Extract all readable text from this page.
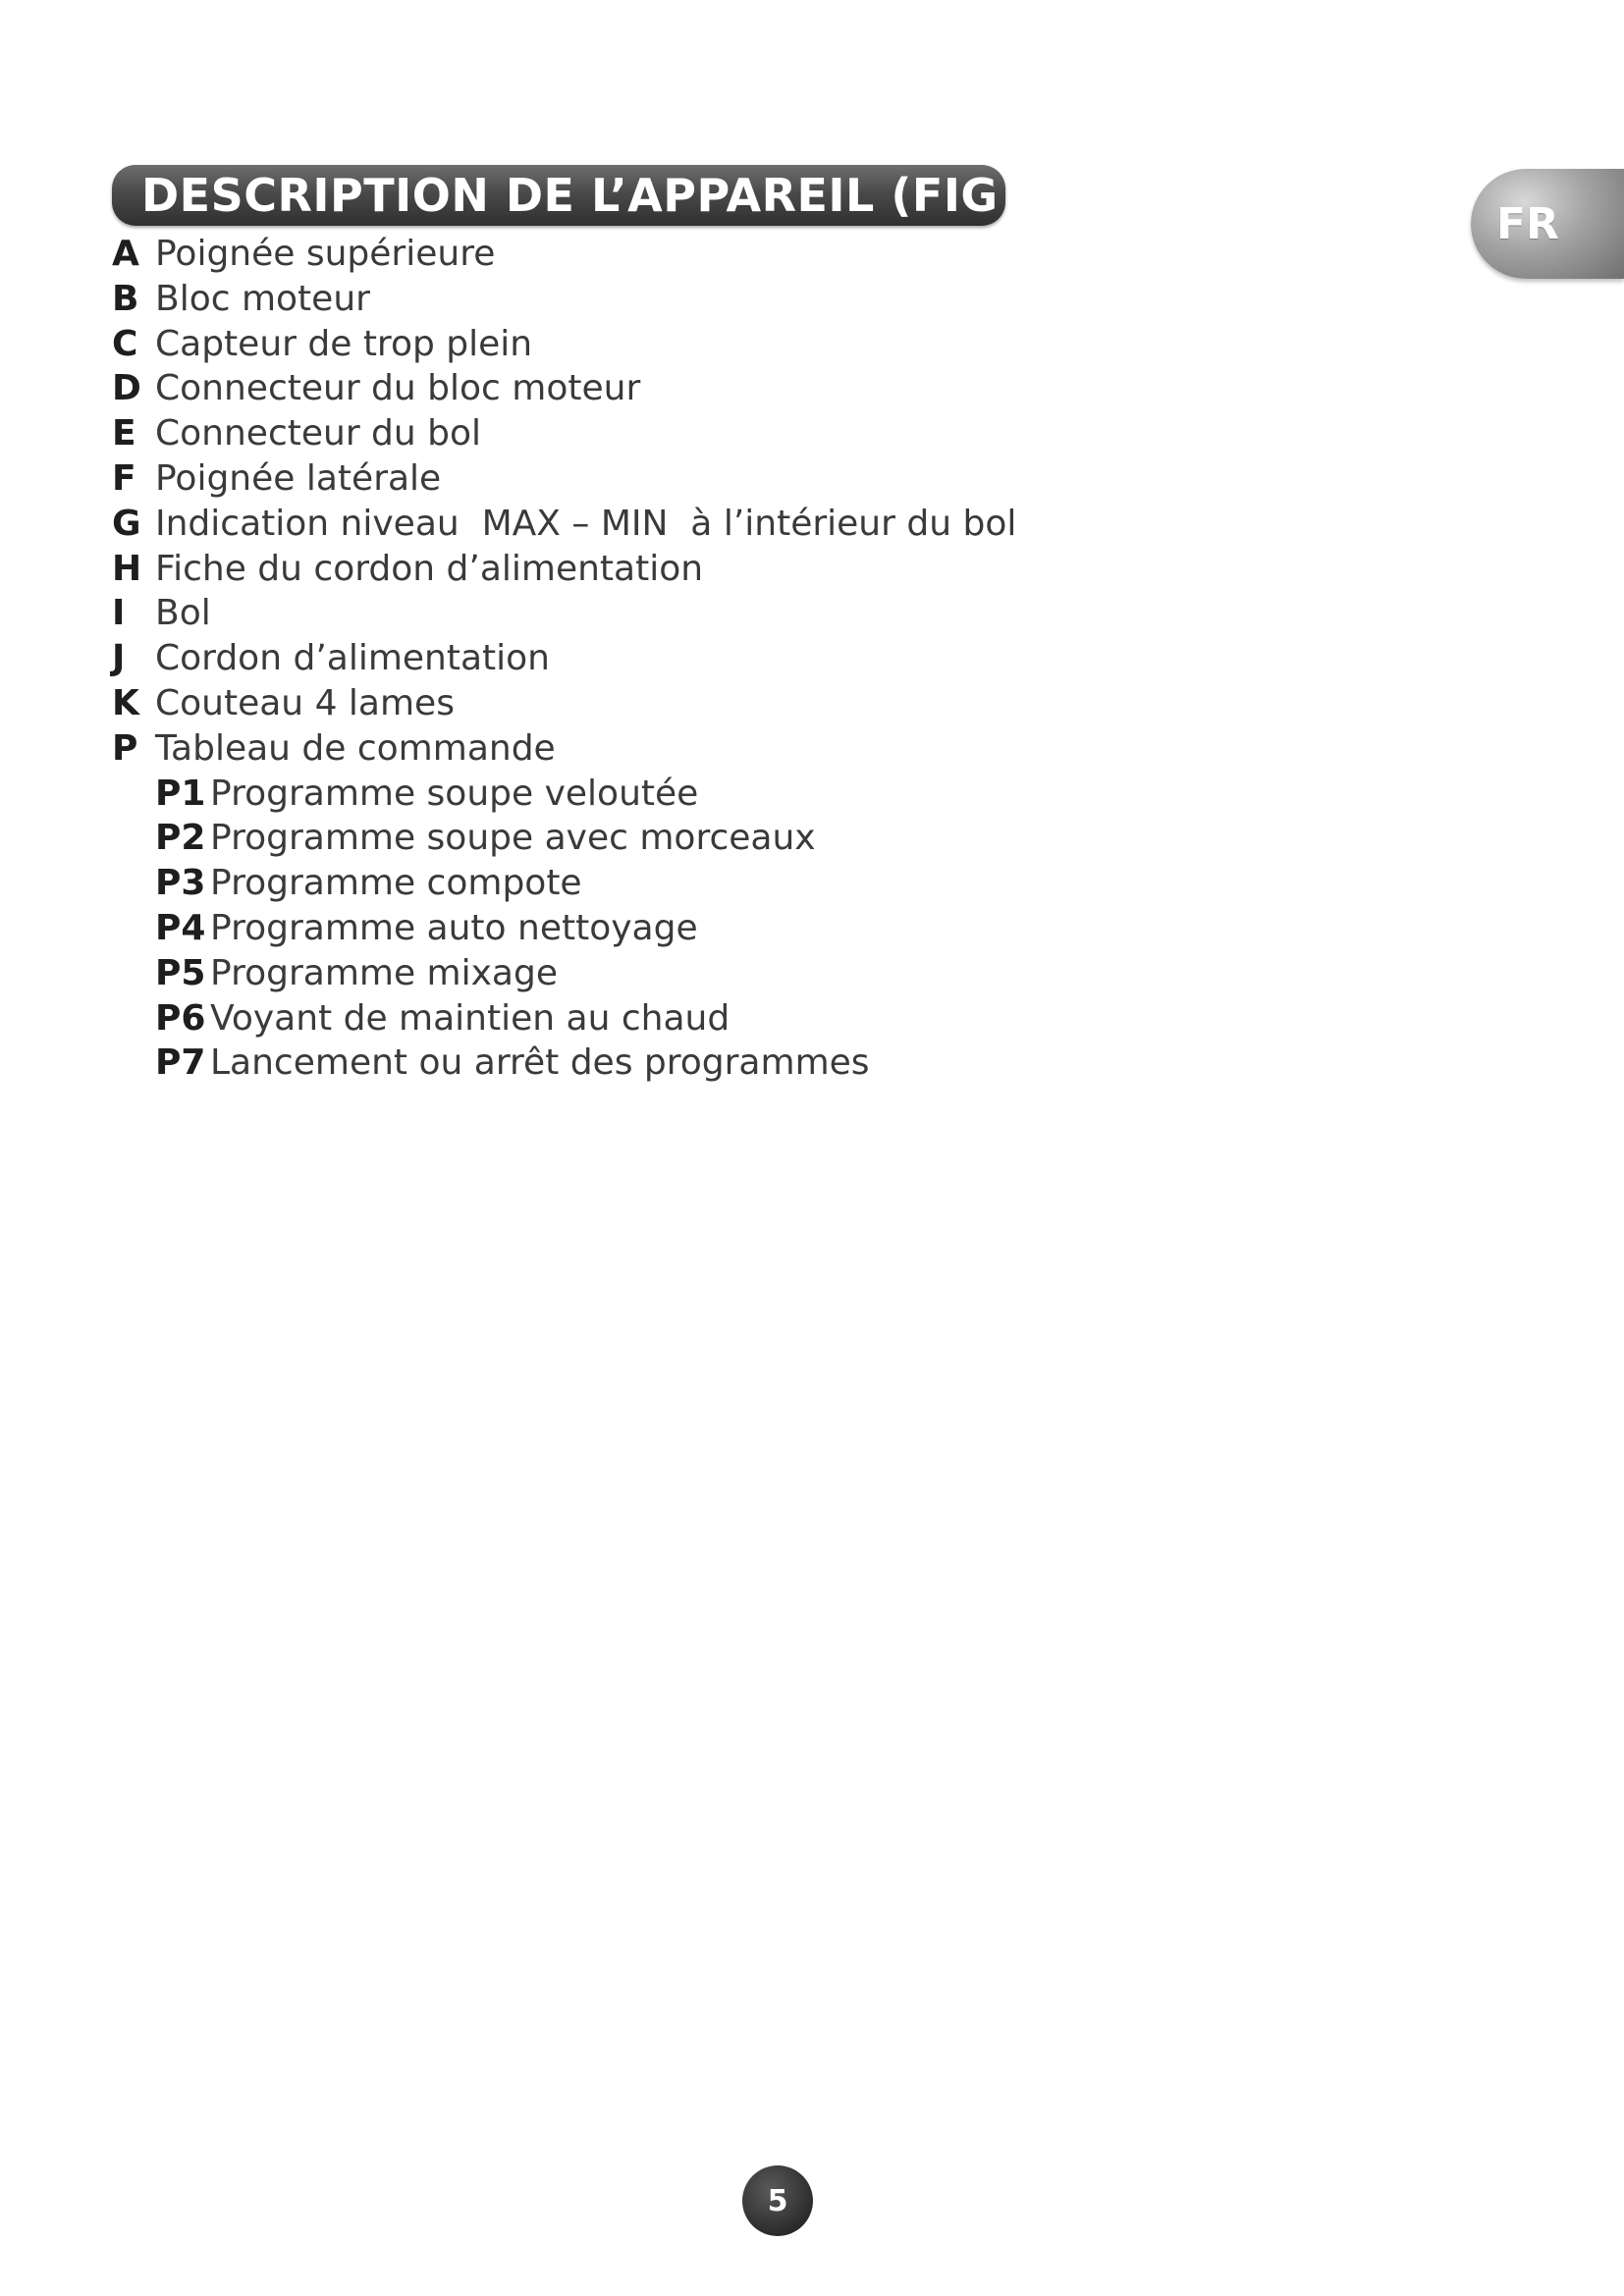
DESCRIPTION DE L’APPAREIL (FIG 1)
FR
A Poignée supérieure
B Bloc moteur
C Capteur de trop plein
D Connecteur du bloc moteur
E Connecteur du bol
F Poignée latérale
G Indication niveau  MAX – MIN  à l’intérieur du bol
H Fiche du cordon d’alimentation
I Bol
J Cordon d’alimentation
K Couteau 4 lames
P Tableau de commande
P1 Programme soupe veloutée
P2 Programme soupe avec morceaux
P3 Programme compote
P4 Programme auto nettoyage
P5 Programme mixage
P6 Voyant de maintien au chaud
P7 Lancement ou arrêt des programmes
5
